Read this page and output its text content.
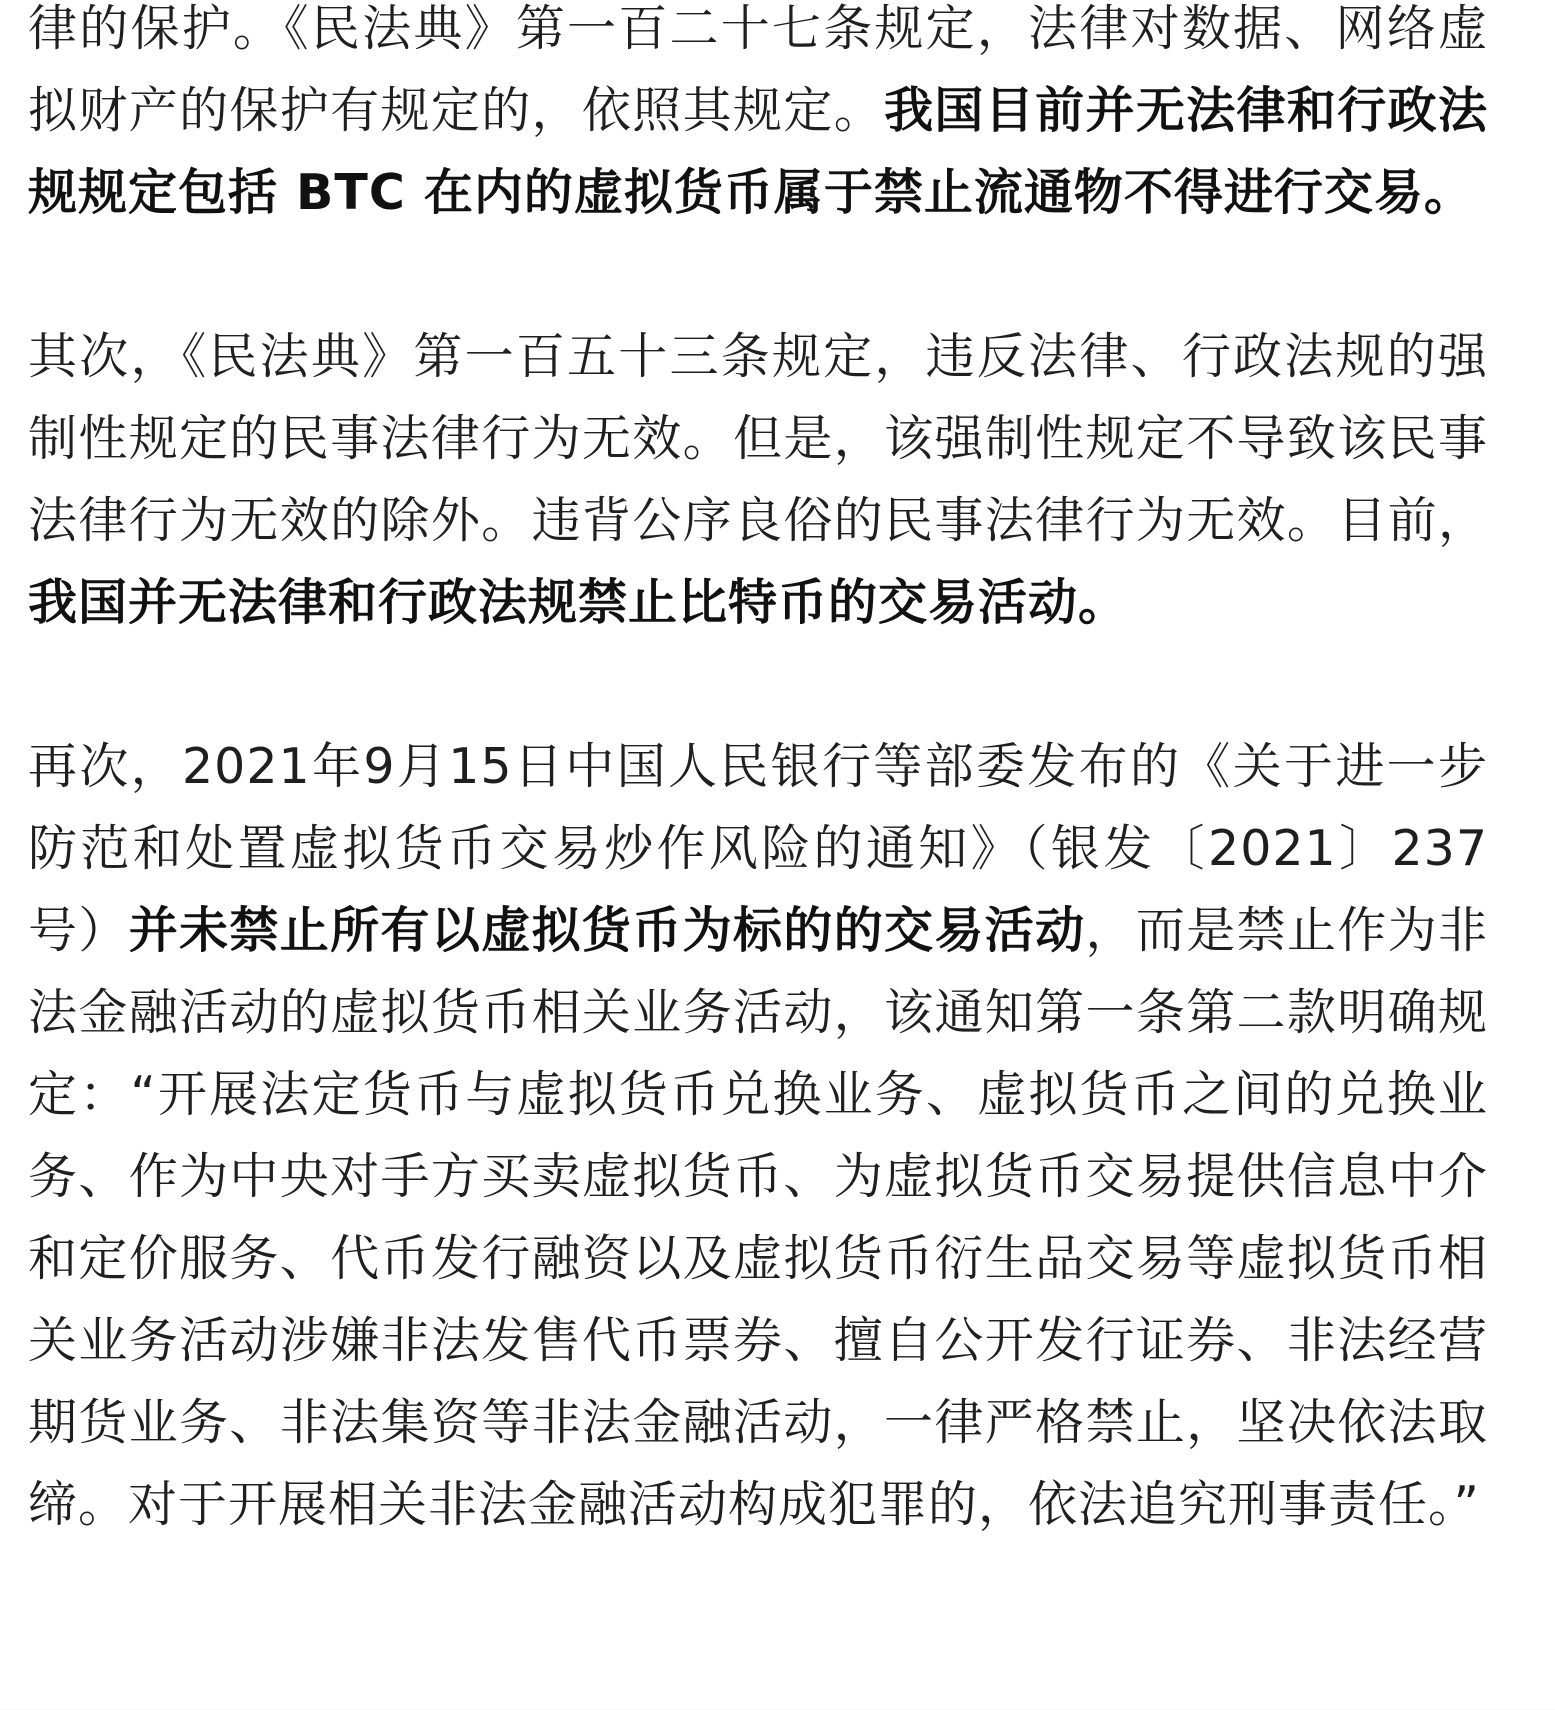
律的保护。《民法典》第一百二十七条规定，法律对数据、网络虚拟财产的保护有规定的，依照其规定。我国目前并无法律和行政法规规定包括 BTC 在内的虚拟货币属于禁止流通物不得进行交易。

其次，《民法典》第一百五十三条规定，违反法律、行政法规的强制性规定的民事法律行为无效。但是，该强制性规定不导致该民事法律行为无效的除外。违背公序良俗的民事法律行为无效。目前，我国并无法律和行政法规禁止比特币的交易活动。

再次，2021年9月15日中国人民银行等部委发布的《关于进一步防范和处置虚拟货币交易炒作风险的通知》（银发〔2021〕237号）并未禁止所有以虚拟货币为标的的交易活动，而是禁止作为非法金融活动的虚拟货币相关业务活动，该通知第一条第二款明确规定：“开展法定货币与虚拟货币兑换业务、虚拟货币之间的兑换业务、作为中央对手方买卖虚拟货币、为虚拟货币交易提供信息中介和定价服务、代币发行融资以及虚拟货币衍生品交易等虚拟货币相关业务活动涉嫌非法发售代币票券、擅自公开发行证券、非法经营期货业务、非法集资等非法金融活动，一律严格禁止，坚决依法取缔。对于开展相关非法金融活动构成犯罪的，依法追究刑事责任。”
